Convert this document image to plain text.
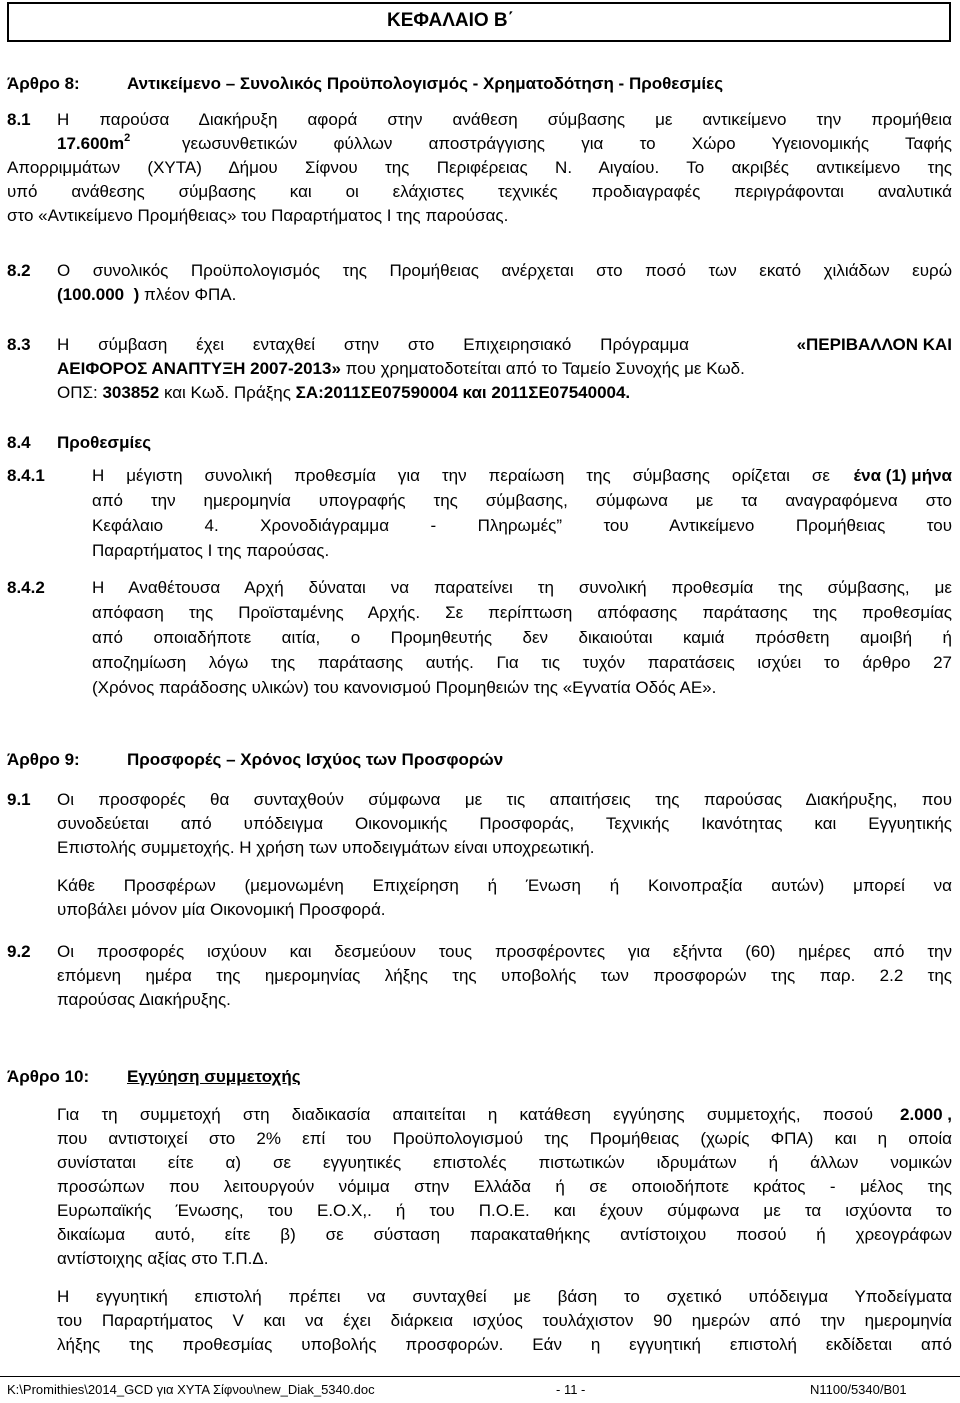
ΚΕΦΑΛΑΙΟ Β΄
Άρθρο 8:	Αντικείμενο – Συνολικός Προϋπολογισμός - Χρηματοδότηση - Προθεσμίες
8.1 Η παρούσα Διακήρυξη αφορά στην ανάθεση σύμβασης με αντικείμενο την προμήθεια
$17.600m^2$	γεωσυνθετικών φύλλων αποστράγγισης για το Χώρο Υγειονομικής Ταφής
Απορριμμάτων (ΧΥΤΑ) Δήμου Σίφνου της Περιφέρειας Ν. Αιγαίου. Το ακριβές αντικείμενο της
υπό ανάθεσης σύμβασης και οι ελάχιστες τεχνικές προδιαγραφές περιγράφονται αναλυτικά
στο «Αντικείμενο Προμήθειας» του Παραρτήματος Ι της παρούσας.
8.2 Ο συνολικός Προϋπολογισμός της Προμήθειας ανέρχεται στο ποσό των εκατό χιλιάδων ευρώ
(100.000 ) πλέον ΦΠΑ.
8.3 Η σύμβαση έχει ενταχθεί στην στο Επιχειρησιακό Πρόγραμμα	«ΠΕΡΙΒΑΛΛΟΝ ΚΑΙ
ΑΕΙΦΟΡΟΣ ΑΝΑΠΤΥΞΗ 2007-2013» που χρηματοδοτείται από το Ταμείο Συνοχής με Κωδ.
ΟΠΣ: 303852 και Κωδ. Πράξης ΣΑ:2011ΣΕ07590004 και 2011ΣΕ07540004.
8.4 Προθεσμίες
8.4.1	Η μέγιστη συνολική προθεσμία για την περαίωση της σύμβασης ορίζεται σε ένα (1) μήνα
από την ημερομηνία υπογραφής της σύμβασης, σύμφωνα με τα αναγραφόμενα στο
Κεφάλαιο 4. Χρονοδιάγραμμα - Πληρωμές” του Αντικείμενο Προμήθειας του
Παραρτήματος Ι της παρούσας.
8.4.2	Η Αναθέτουσα Αρχή δύναται να παρατείνει τη συνολική προθεσμία της σύμβασης, με
απόφαση της Προϊσταμένης Αρχής. Σε περίπτωση απόφασης παράτασης της προθεσμίας
από οποιαδήποτε αιτία, ο Προμηθευτής δεν δικαιούται καμιά πρόσθετη αμοιβή ή
αποζημίωση λόγω της παράτασης αυτής. Για τις τυχόν παρατάσεις ισχύει το άρθρο 27
(Χρόνος παράδοσης υλικών) του κανονισμού Προμηθειών της «Εγνατία Οδός ΑΕ».
Άρθρο 9:	Προσφορές – Χρόνος Ισχύος των Προσφορών
9.1 Οι προσφορές θα συνταχθούν σύμφωνα με τις απαιτήσεις της παρούσας Διακήρυξης, που
συνοδεύεται από υπόδειγμα Οικονομικής Προσφοράς, Τεχνικής Ικανότητας και Εγγυητικής
Επιστολής συμμετοχής. Η χρήση των υποδειγμάτων είναι υποχρεωτική.
Κάθε Προσφέρων (μεμονωμένη Επιχείρηση ή Ένωση ή Κοινοπραξία αυτών) μπορεί να
υποβάλει μόνον μία Οικονομική Προσφορά.
9.2 Οι προσφορές ισχύουν και δεσμεύουν τους προσφέροντες για εξήντα (60) ημέρες από την
επόμενη ημέρα της ημερομηνίας λήξης της υποβολής των προσφορών της παρ. 2.2 της
παρούσας Διακήρυξης.
Άρθρο 10: Εγγύηση συμμετοχής
Για τη συμμετοχή στη διαδικασία απαιτείται η κατάθεση εγγύησης συμμετοχής, ποσού 2.000 ,
που αντιστοιχεί στο 2% επί του Προϋπολογισμού της Προμήθειας (χωρίς ΦΠΑ) και η οποία
συνίσταται είτε α) σε εγγυητικές επιστολές πιστωτικών ιδρυμάτων ή άλλων νομικών
προσώπων που λειτουργούν νόμιμα στην Ελλάδα ή σε οποιοδήποτε κράτος - μέλος της
Ευρωπαϊκής Ένωσης, του Ε.Ο.Χ,. ή του Π.Ο.Ε. και έχουν σύμφωνα με τα ισχύοντα το
δικαίωμα αυτό, είτε β) σε σύσταση παρακαταθήκης αντίστοιχου ποσού ή χρεογράφων
αντίστοιχης αξίας στο Τ.Π.Δ.
Η εγγυητική επιστολή πρέπει να συνταχθεί με βάση το σχετικό υπόδειγμα Υποδείγματα
του Παραρτήματος V και να έχει διάρκεια ισχύος τουλάχιστον 90 ημερών από την ημερομηνία
λήξης της προθεσμίας υποβολής προσφορών. Εάν η εγγυητική επιστολή εκδίδεται από
K:\Promithies\2014_GCD για ΧΥΤΑ Σίφνου\new_Diak_5340.doc	- 11 -	N1100/5340/B01
